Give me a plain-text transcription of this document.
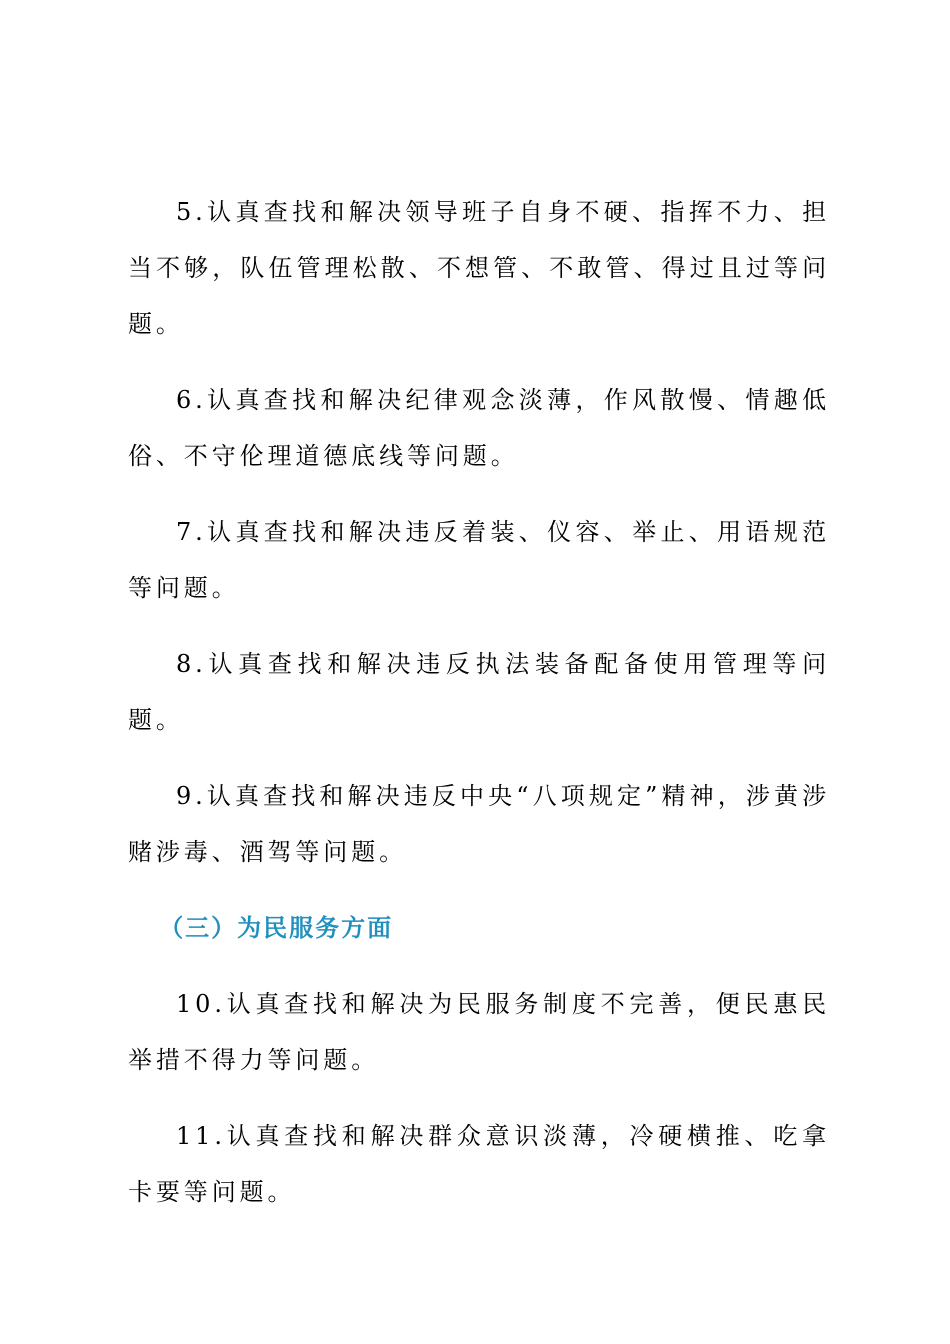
5.认真查找和解决领导班子自身不硬、指挥不力、担当不够，队伍管理松散、不想管、不敢管、得过且过等问题。

6.认真查找和解决纪律观念淡薄，作风散慢、情趣低俗、不守伦理道德底线等问题。

7.认真查找和解决违反着装、仪容、举止、用语规范等问题。

8.认真查找和解决违反执法装备配备使用管理等问题。

9.认真查找和解决违反中央“八项规定”精神，涉黄涉赌涉毒、酒驾等问题。

（三）为民服务方面

10.认真查找和解决为民服务制度不完善，便民惠民举措不得力等问题。

11.认真查找和解决群众意识淡薄，冷硬横推、吃拿卡要等问题。
